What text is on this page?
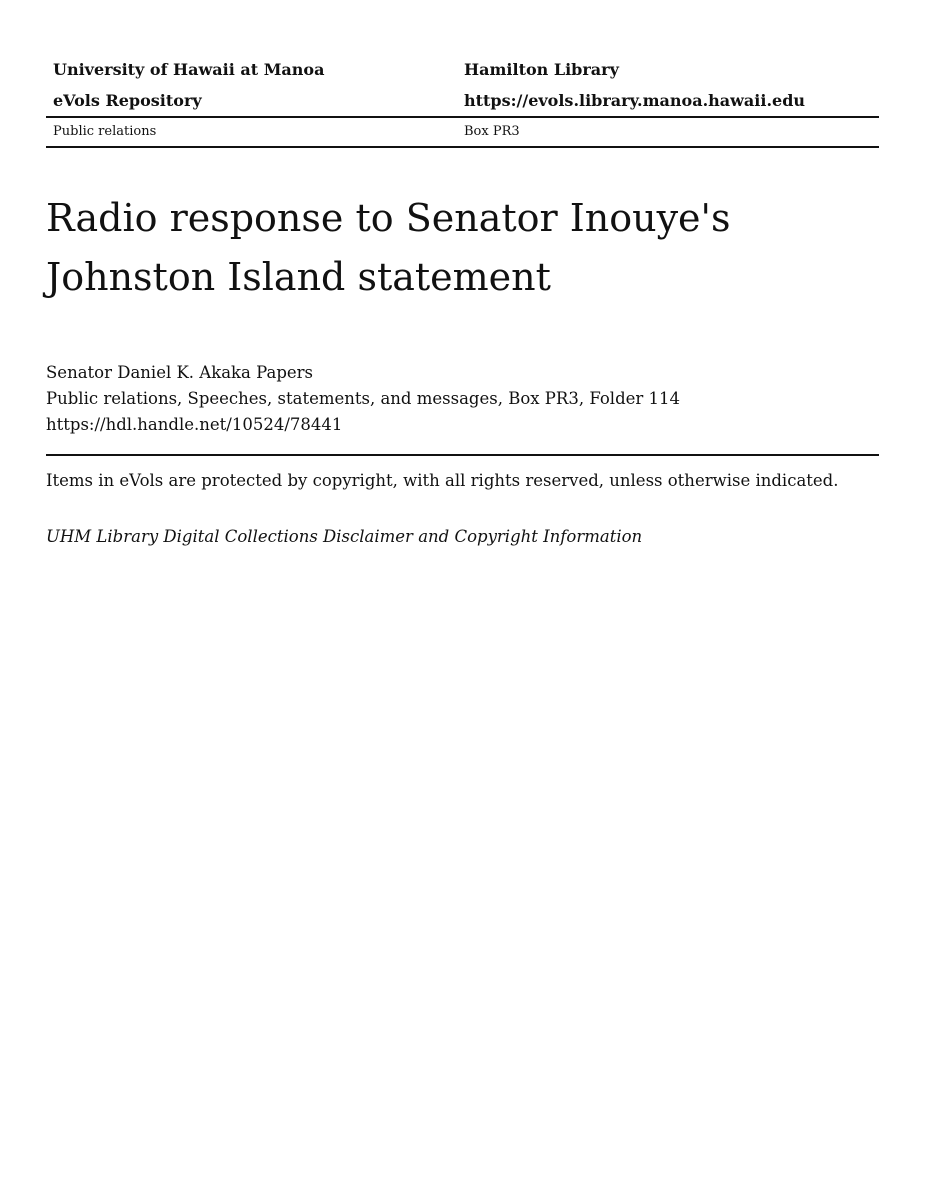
University of Hawaii at Manoa	Hamilton Library
eVols Repository	https://evols.library.manoa.hawaii.edu
Public relations	Box PR3
Radio response to Senator Inouye's
Johnston Island statement
Senator Daniel K. Akaka Papers
Public relations, Speeches, statements, and messages, Box PR3, Folder 114
https://hdl.handle.net/10524/78441
Items in eVols are protected by copyright, with all rights reserved, unless otherwise indicated.
UHM Library Digital Collections Disclaimer and Copyright Information
